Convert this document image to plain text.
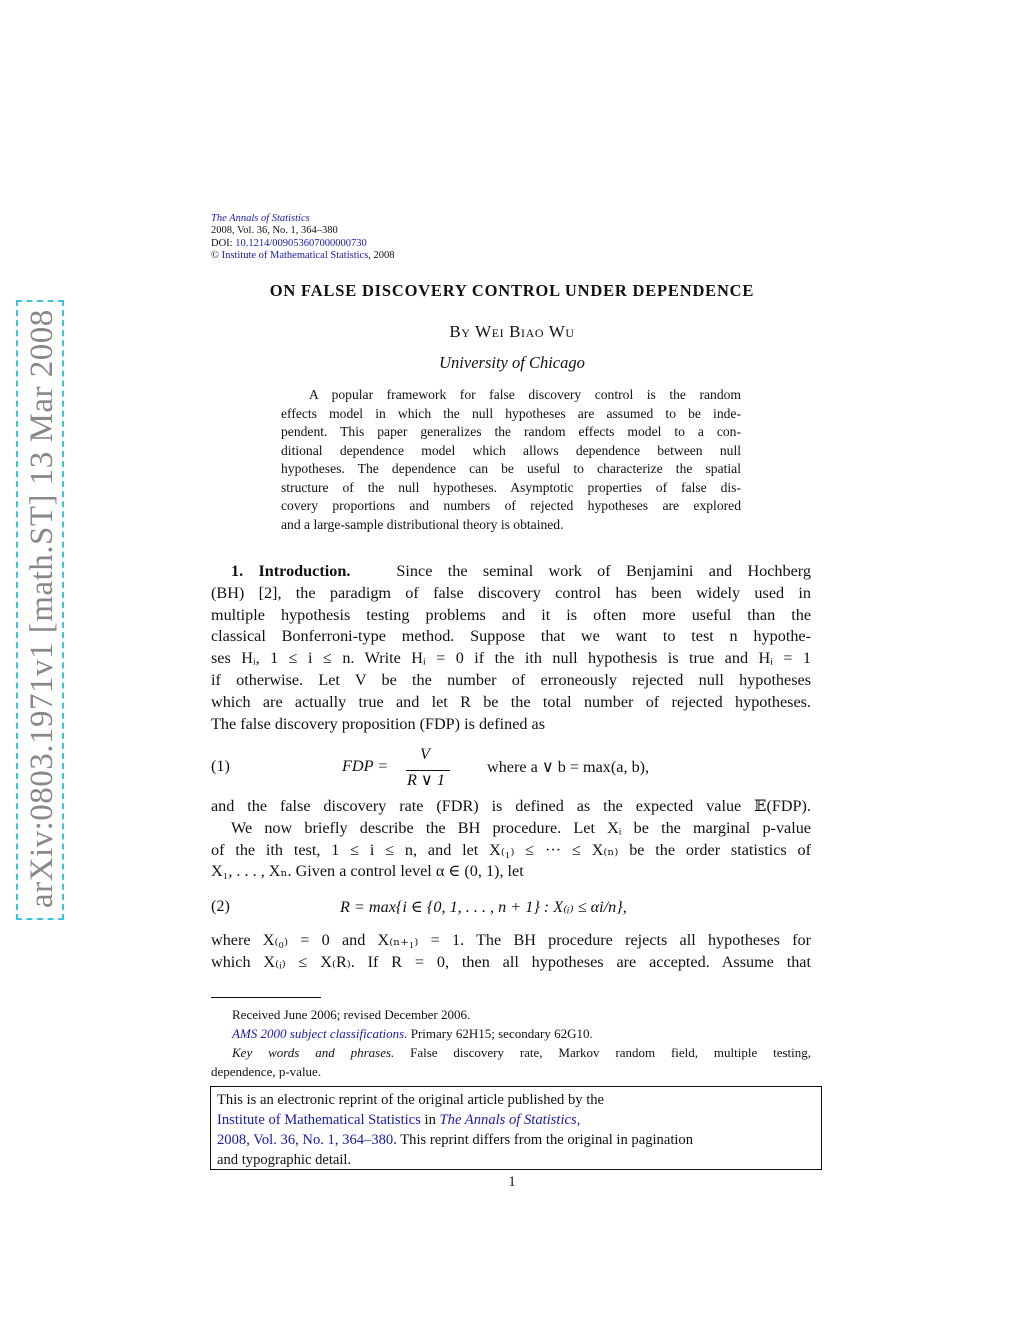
arXiv:0803.1971v1 [math.ST] 13 Mar 2008
The Annals of Statistics
2008, Vol. 36, No. 1, 364–380
DOI: 10.1214/009053607000000730
© Institute of Mathematical Statistics, 2008
ON FALSE DISCOVERY CONTROL UNDER DEPENDENCE
By Wei Biao Wu
University of Chicago
A popular framework for false discovery control is the random
effects model in which the null hypotheses are assumed to be inde-
pendent. This paper generalizes the random effects model to a con-
ditional dependence model which allows dependence between null
hypotheses. The dependence can be useful to characterize the spatial
structure of the null hypotheses. Asymptotic properties of false dis-
covery proportions and numbers of rejected hypotheses are explored
and a large-sample distributional theory is obtained.
1. Introduction.	Since the seminal work of Benjamini and Hochberg
(BH) [2], the paradigm of false discovery control has been widely used in
multiple hypothesis testing problems and it is often more useful than the
classical Bonferroni-type method. Suppose that we want to test n hypothe-
ses Hᵢ, 1 ≤ i ≤ n. Write Hᵢ = 0 if the ith null hypothesis is true and Hᵢ = 1
if otherwise. Let V be the number of erroneously rejected null hypotheses
which are actually true and let R be the total number of rejected hypotheses.
The false discovery proposition (FDP) is defined as
(1)	FDP =
V
R ∨ 1
where a ∨ b = max(a, b),
and the false discovery rate (FDR) is defined as the expected value 𝔼(FDP).
We now briefly describe the BH procedure. Let Xᵢ be the marginal p-value
of the ith test, 1 ≤ i ≤ n, and let X₍₁₎ ≤ ··· ≤ X₍ₙ₎ be the order statistics of
X₁, . . . , Xₙ. Given a control level α ∈ (0, 1), let
(2)	R = max{i ∈ {0, 1, . . . , n + 1} : X₍ᵢ₎ ≤ αi/n},
where X₍₀₎ = 0 and X₍ₙ₊₁₎ = 1. The BH procedure rejects all hypotheses for
which X₍ᵢ₎ ≤ X₍R₎. If R = 0, then all hypotheses are accepted. Assume that
Received June 2006; revised December 2006.
AMS 2000 subject classifications. Primary 62H15; secondary 62G10.
Key words and phrases. False discovery rate, Markov random field, multiple testing,
dependence, p-value.
This is an electronic reprint of the original article published by the
Institute of Mathematical Statistics in The Annals of Statistics,
2008, Vol. 36, No. 1, 364–380. This reprint differs from the original in pagination
and typographic detail.
1
